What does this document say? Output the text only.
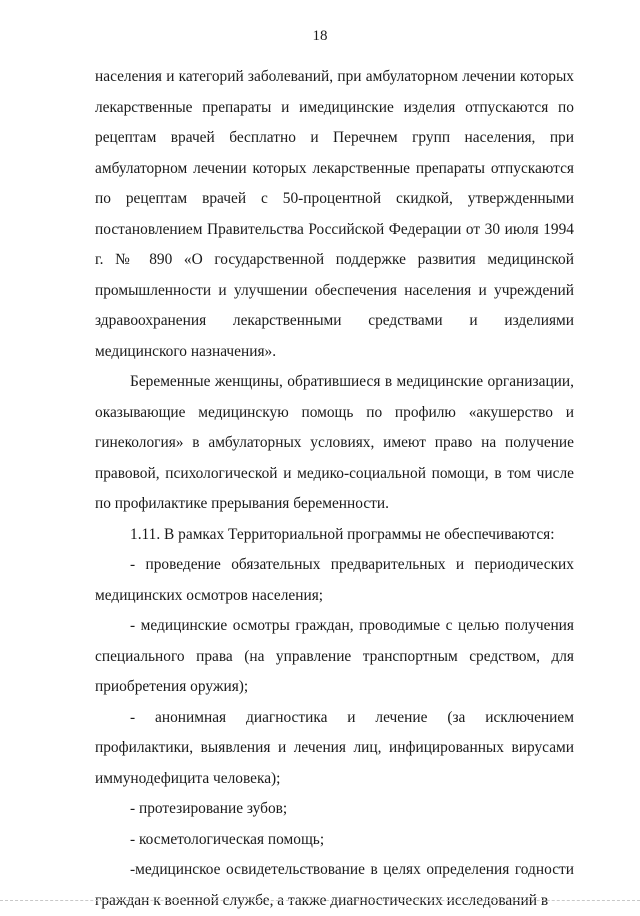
18

населения и категорий заболеваний, при амбулаторном лечении которых лекарственные препараты и имедицинские изделия отпускаются по рецептам врачей бесплатно и Перечнем групп населения, при амбулаторном лечении которых лекарственные препараты отпускаются по рецептам врачей с 50-процентной скидкой, утвержденными постановлением Правительства Российской Федерации от 30 июля 1994 г. № 890 «О государственной поддержке развития медицинской промышленности и улучшении обеспечения населения и учреждений здравоохранения лекарственными средствами и изделиями медицинского назначения».

Беременные женщины, обратившиеся в медицинские организации, оказывающие медицинскую помощь по профилю «акушерство и гинекология» в амбулаторных условиях, имеют право на получение правовой, психологической и медико-социальной помощи, в том числе по профилактике прерывания беременности.

1.11. В рамках Территориальной программы не обеспечиваются:

- проведение обязательных предварительных и периодических медицинских осмотров населения;

- медицинские осмотры граждан, проводимые с целью получения специального права (на управление транспортным средством, для приобретения оружия);

- анонимная диагностика и лечение (за исключением профилактики, выявления и лечения лиц, инфицированных вирусами иммунодефицита человека);

- протезирование зубов;

- косметологическая помощь;

-медицинское освидетельствование в целях определения годности граждан к военной службе, а также диагностических исследований в
